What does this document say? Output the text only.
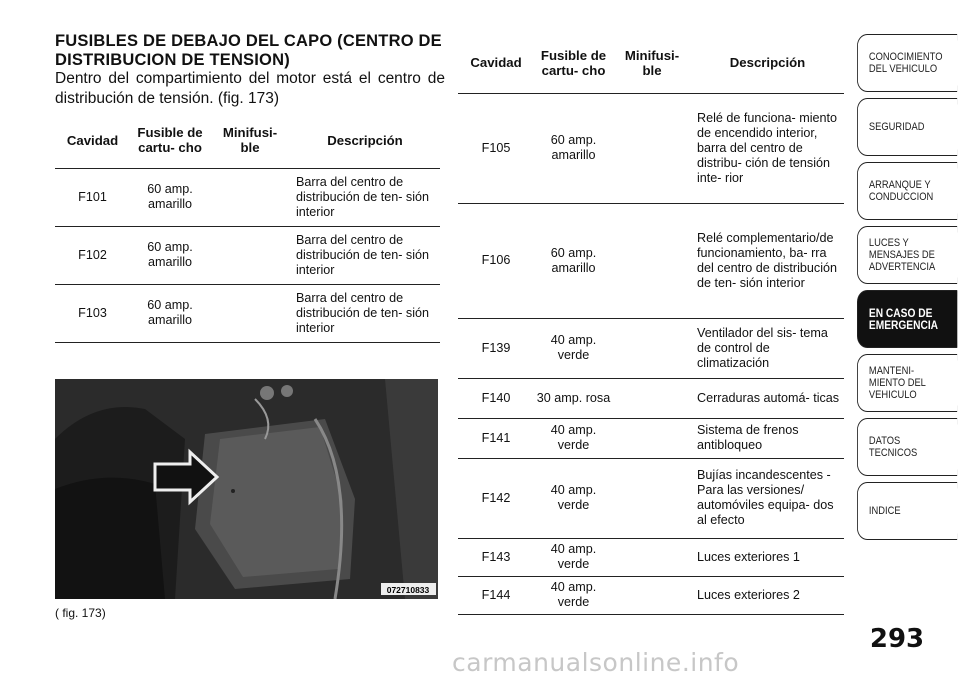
FUSIBLES DE DEBAJO DEL CAPO (CENTRO DE DISTRIBUCION DE TENSION)
Dentro del compartimiento del motor está el centro de distribución de tensión. (fig. 173)
Cavidad	Fusible de cartu- cho	Minifusi- ble	Descripción
F101	60 amp. amarillo		Barra del centro de distribución de ten- sión interior
F102	60 amp. amarillo		Barra del centro de distribución de ten- sión interior
F103	60 amp. amarillo		Barra del centro de distribución de ten- sión interior
Cavidad	Fusible de cartu- cho	Minifusi- ble	Descripción
F105	60 amp. amarillo		Relé de funciona- miento de encendido interior, barra del centro de distribu- ción de tensión inte- rior
F106	60 amp. amarillo		Relé complementario/de funcionamiento, ba- rra del centro de distribución de ten- sión interior
F139	40 amp. verde		Ventilador del sis- tema de control de climatización
F140	30 amp. rosa		Cerraduras automá- ticas
F141	40 amp. verde		Sistema de frenos antibloqueo
F142	40 amp. verde		Bujías incandescentes - Para las versiones/ automóviles equipa- dos al efecto
F143	40 amp. verde		Luces exteriores 1
F144	40 amp. verde		Luces exteriores 2
072710833
( fig. 173)
CONOCIMIENTO
DEL VEHICULO
SEGURIDAD
ARRANQUE Y
CONDUCCION
LUCES Y
MENSAJES DE
ADVERTENCIA
EN CASO DE
EMERGENCIA
MANTENI-
MIENTO DEL
VEHICULO
DATOS
TECNICOS
INDICE
293
carmanualsonline.info
